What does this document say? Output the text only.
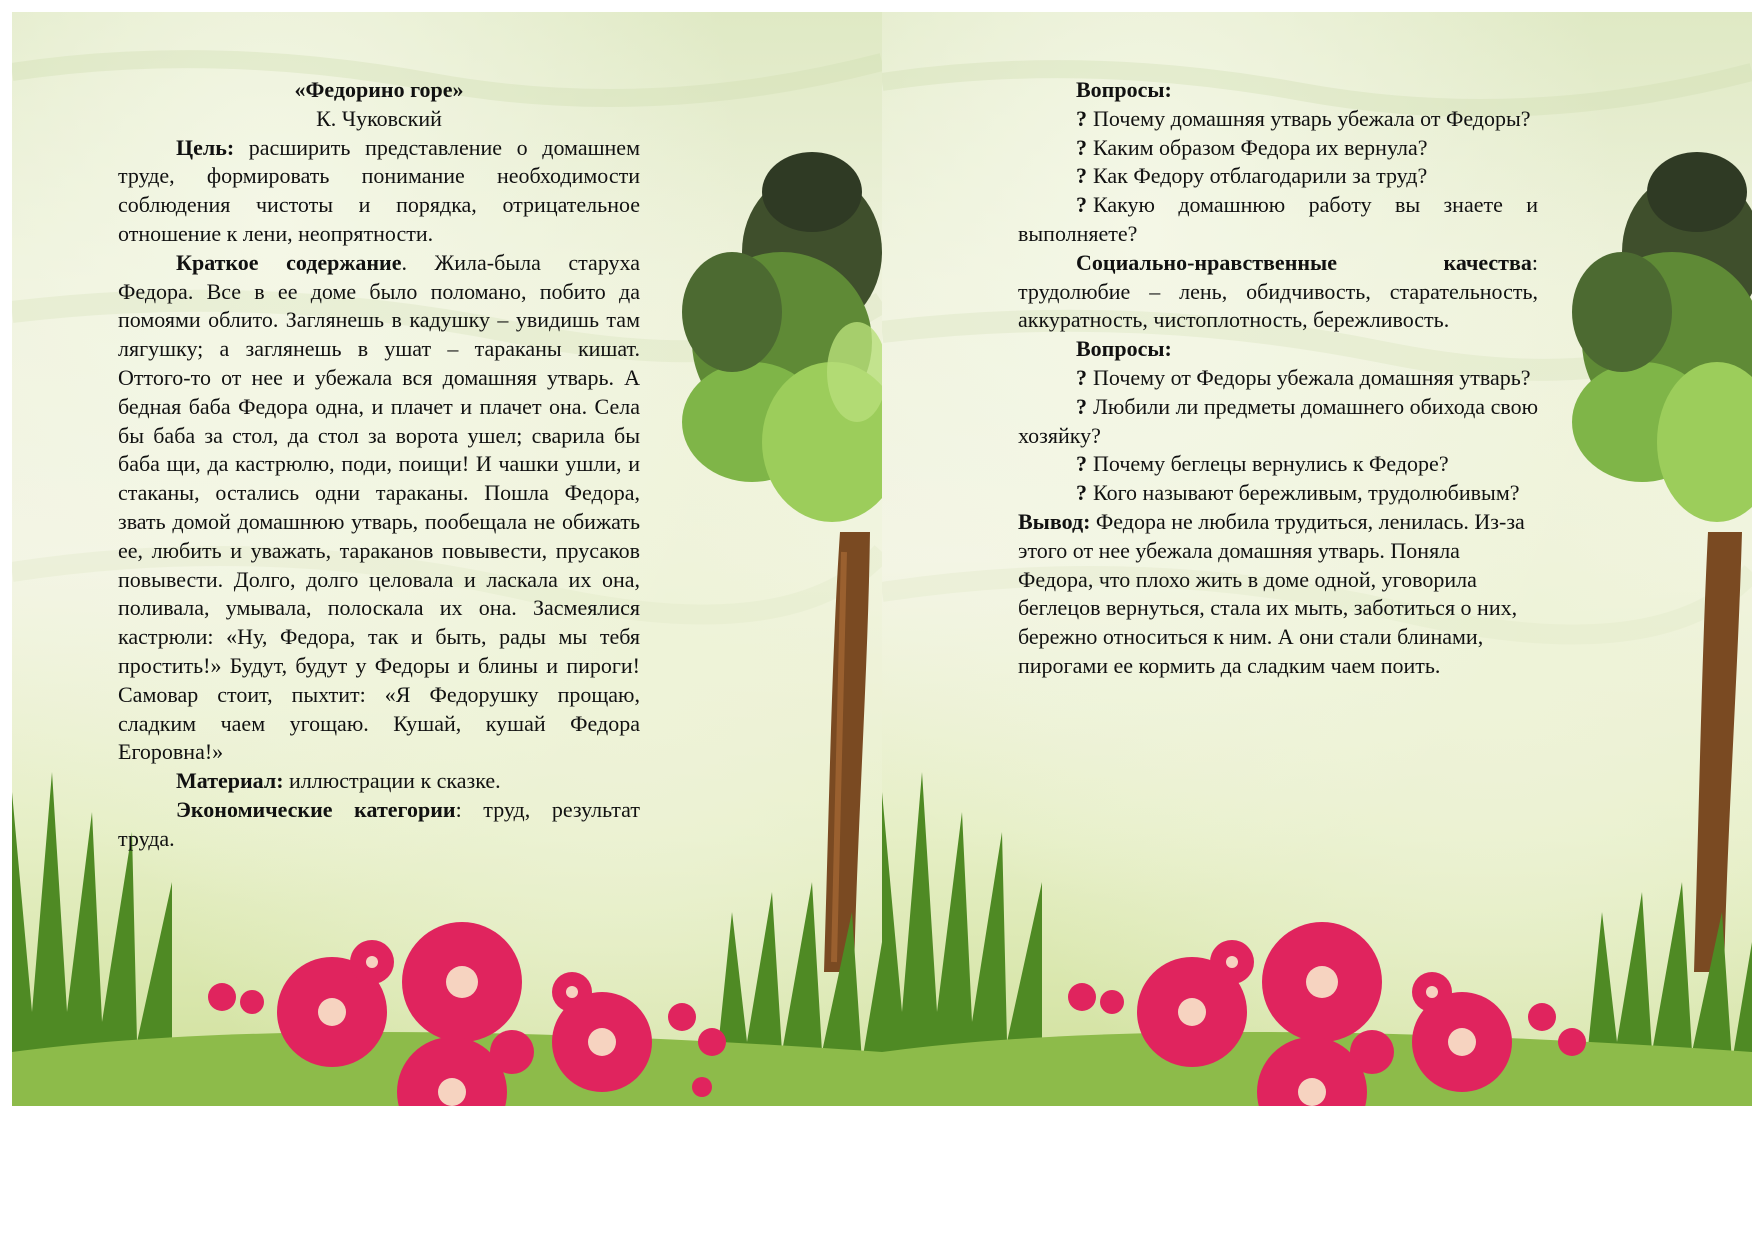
«Федорино горе»

К. Чуковский

Цель: расширить представление о домашнем труде, формировать понимание необходимости соблюдения чистоты и порядка, отрицательное отношение к лени, неопрятности.

Краткое содержание. Жила-была старуха Федора. Все в ее доме было поломано, побито да помоями облито. Заглянешь в кадушку – увидишь там лягушку; а заглянешь в ушат – тараканы кишат. Оттого-то от нее и убежала вся домашняя утварь. А бедная баба Федора одна, и плачет и плачет она. Села бы баба за стол, да стол за ворота ушел; сварила бы баба щи, да кастрюлю, поди, поищи! И чашки ушли, и стаканы, остались одни тараканы. Пошла Федора, звать домой домашнюю утварь, пообещала не обижать ее, любить и уважать, тараканов повывести, прусаков повывести. Долго, долго целовала и ласкала их она, поливала, умывала, полоскала их она. Засмеялися кастрюли: «Ну, Федора, так и быть, рады мы тебя простить!» Будут, будут у Федоры и блины и пироги! Самовар стоит, пыхтит: «Я Федорушку прощаю, сладким чаем угощаю. Кушай, кушай Федора Егоровна!»

Материал: иллюстрации к сказке.

Экономические категории: труд, результат труда.

Вопросы:

? Почему домашняя утварь убежала от Федоры?

? Каким образом Федора их вернула?

? Как Федору отблагодарили за труд?

? Какую домашнюю работу вы знаете и выполняете?

Социально-нравственные качества: трудолюбие – лень, обидчивость, старательность, аккуратность, чистоплотность, бережливость.

Вопросы:

? Почему от Федоры убежала домашняя утварь?

? Любили ли предметы домашнего обихода свою хозяйку?

? Почему беглецы вернулись к Федоре?

? Кого называют бережливым, трудолюбивым?

Вывод: Федора не любила трудиться, ленилась. Из-за этого от нее убежала домашняя утварь. Поняла Федора, что плохо жить в доме одной, уговорила беглецов вернуться, стала их мыть, заботиться о них, бережно относиться к ним. А они стали блинами, пирогами ее кормить да сладким чаем поить.
